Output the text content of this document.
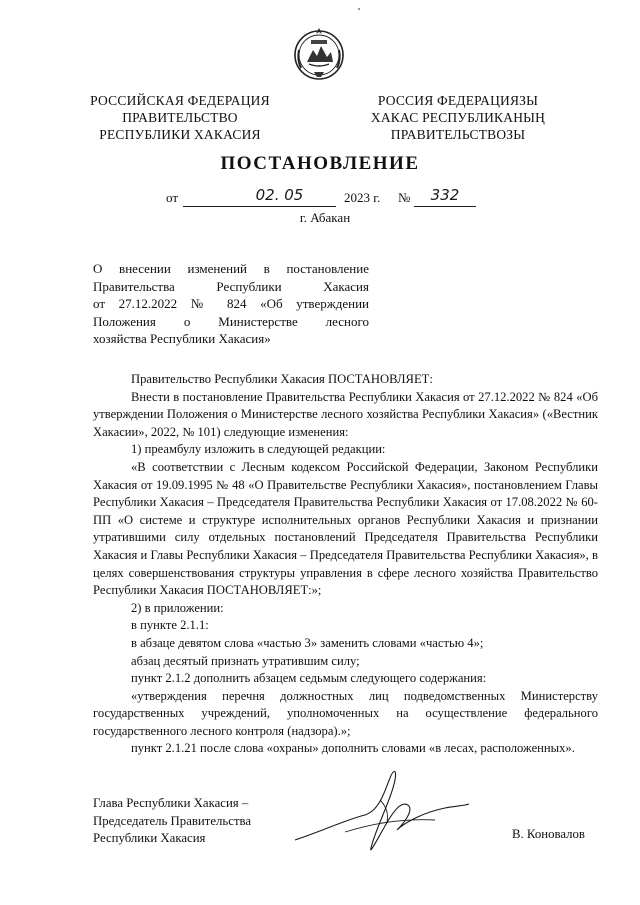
РОССИЙСКАЯ ФЕДЕРАЦИЯ
ПРАВИТЕЛЬСТВО
РЕСПУБЛИКИ ХАКАСИЯ
РОССИЯ ФЕДЕРАЦИЯЗЫ
ХАКАС РЕСПУБЛИКАНЫҢ
ПРАВИТЕЛЬСТВОЗЫ
ПОСТАНОВЛЕНИЕ
от	02. 05	2023 г. №	332
г. Абакан
О внесении изменений в постановление
Правительства Республики Хакасия
от 27.12.2022 № 824 «Об утверждении
Положения о Министерстве лесного
хозяйства Республики Хакасия»

Правительство Республики Хакасия ПОСТАНОВЛЯЕТ:

Внести в постановление Правительства Республики Хакасия от 27.12.2022 № 824 «Об утверждении Положения о Министерстве лесного хозяйства Республики Хакасия» («Вестник Хакасии», 2022, № 101) следующие изменения:

1) преамбулу изложить в следующей редакции:

«В соответствии с Лесным кодексом Российской Федерации, Законом Республики Хакасия от 19.09.1995 № 48 «О Правительстве Республики Хакасия», постановлением Главы Республики Хакасия – Председателя Правительства Республики Хакасия от 17.08.2022 № 60-ПП «О системе и структуре исполнительных органов Республики Хакасия и признании утратившими силу отдельных постановлений Председателя Правительства Республики Хакасия и Главы Республики Хакасия – Председателя Правительства Республики Хакасия», в целях совершенствования структуры управления в сфере лесного хозяйства Правительство Республики Хакасия ПОСТАНОВЛЯЕТ:»;

2) в приложении:

в пункте 2.1.1:

в абзаце девятом слова «частью 3» заменить словами «частью 4»;

абзац десятый признать утратившим силу;

пункт 2.1.2 дополнить абзацем седьмым следующего содержания:

«утверждения перечня должностных лиц подведомственных Министерству государственных учреждений, уполномоченных на осуществление федерального государственного лесного контроля (надзора).»;

пункт 2.1.21 после слова «охраны» дополнить словами «в лесах, расположенных».

Глава Республики Хакасия –
Председатель Правительства
Республики Хакасия	В. Коновалов
